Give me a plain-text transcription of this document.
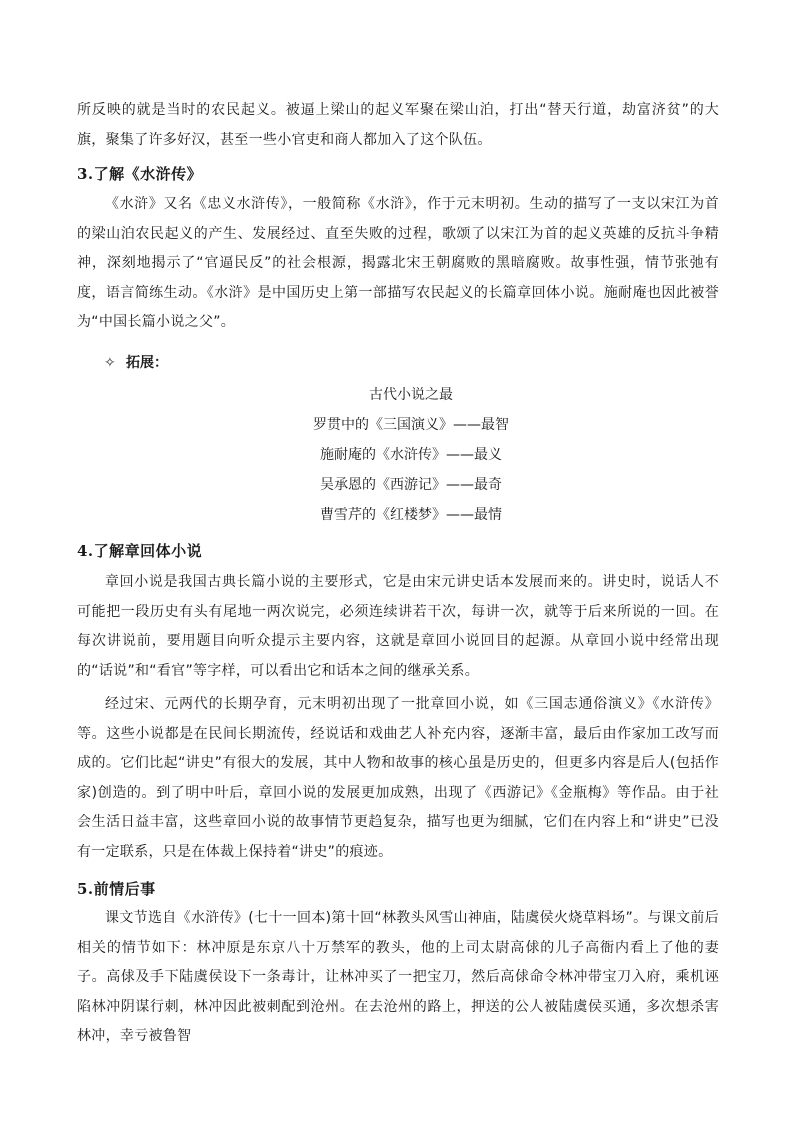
所反映的就是当时的农民起义。被逼上梁山的起义军聚在梁山泊，打出“替天行道，劫富济贫”的大旗，聚集了许多好汉，甚至一些小官吏和商人都加入了这个队伍。

3.了解《水浒传》

《水浒》又名《忠义水浒传》，一般简称《水浒》，作于元末明初。生动的描写了一支以宋江为首的梁山泊农民起义的产生、发展经过、直至失败的过程，歌颂了以宋江为首的起义英雄的反抗斗争精神，深刻地揭示了“官逼民反”的社会根源，揭露北宋王朝腐败的黑暗腐败。故事性强，情节张弛有度，语言简练生动。《水浒》是中国历史上第一部描写农民起义的长篇章回体小说。施耐庵也因此被誉为“中国长篇小说之父”。

✧ 拓展：

古代小说之最

罗贯中的《三国演义》——最智

施耐庵的《水浒传》——最义

吴承恩的《西游记》——最奇

曹雪芹的《红楼梦》——最情

4.了解章回体小说

章回小说是我国古典长篇小说的主要形式，它是由宋元讲史话本发展而来的。讲史时，说话人不可能把一段历史有头有尾地一两次说完，必须连续讲若干次，每讲一次，就等于后来所说的一回。在每次讲说前，要用题目向听众提示主要内容，这就是章回小说回目的起源。从章回小说中经常出现的“话说”和“看官”等字样，可以看出它和话本之间的继承关系。

经过宋、元两代的长期孕育，元末明初出现了一批章回小说，如《三国志通俗演义》《水浒传》等。这些小说都是在民间长期流传，经说话和戏曲艺人补充内容，逐渐丰富，最后由作家加工改写而成的。它们比起“讲史”有很大的发展，其中人物和故事的核心虽是历史的，但更多内容是后人(包括作家)创造的。到了明中叶后，章回小说的发展更加成熟，出现了《西游记》《金瓶梅》等作品。由于社会生活日益丰富，这些章回小说的故事情节更趋复杂，描写也更为细腻，它们在内容上和“讲史”已没有一定联系，只是在体裁上保持着“讲史”的痕迹。

5.前情后事

课文节选自《水浒传》(七十一回本)第十回“林教头风雪山神庙，陆虞侯火烧草料场”。与课文前后相关的情节如下：林冲原是东京八十万禁军的教头，他的上司太尉高俅的儿子高衙内看上了他的妻子。高俅及手下陆虞侯设下一条毒计，让林冲买了一把宝刀，然后高俅命令林冲带宝刀入府，乘机诬陷林冲阴谋行刺，林冲因此被刺配到沧州。在去沧州的路上，押送的公人被陆虞侯买通，多次想杀害林冲，幸亏被鲁智
